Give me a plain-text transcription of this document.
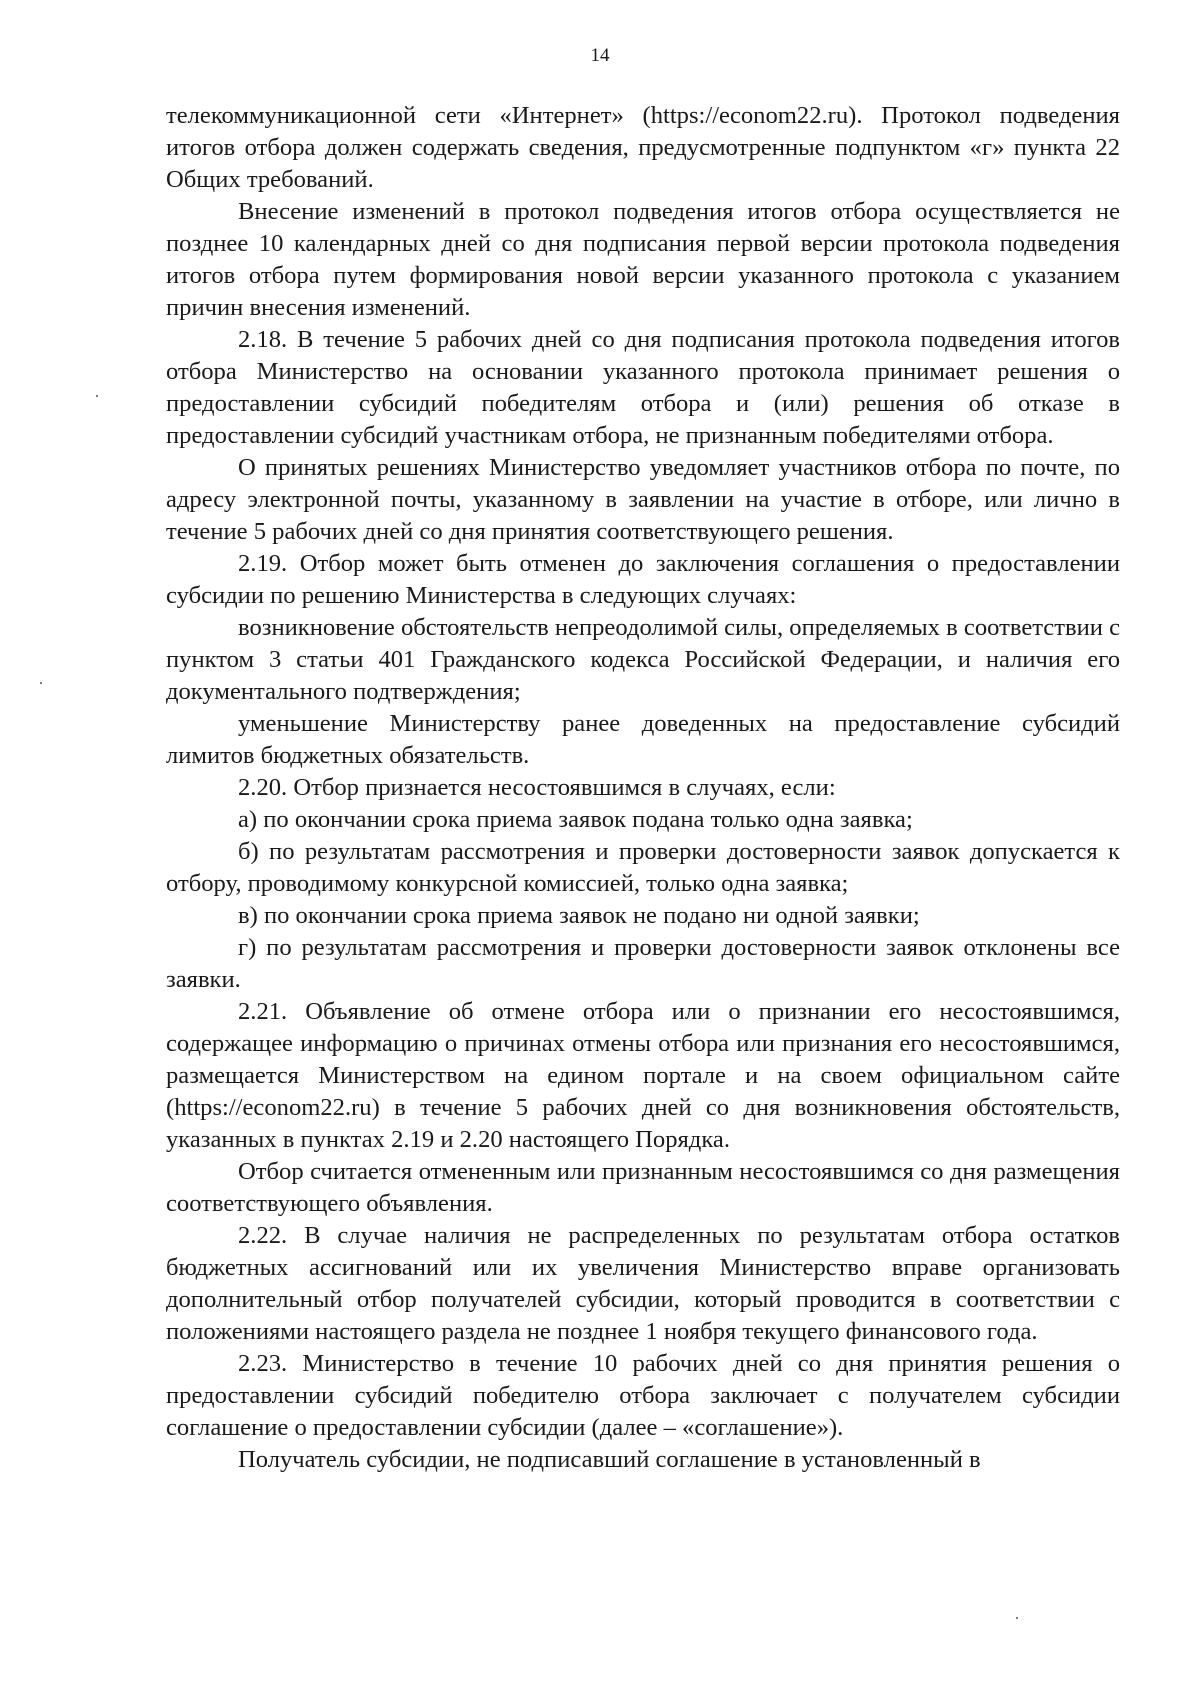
14

телекоммуникационной сети «Интернет» (https://econom22.ru). Протокол подведения итогов отбора должен содержать сведения, предусмотренные подпунктом «г» пункта 22 Общих требований.

Внесение изменений в протокол подведения итогов отбора осуществляется не позднее 10 календарных дней со дня подписания первой версии протокола подведения итогов отбора путем формирования новой версии указанного протокола с указанием причин внесения изменений.

2.18. В течение 5 рабочих дней со дня подписания протокола подведения итогов отбора Министерство на основании указанного протокола принимает решения о предоставлении субсидий победителям отбора и (или) решения об отказе в предоставлении субсидий участникам отбора, не признанным победителями отбора.

О принятых решениях Министерство уведомляет участников отбора по почте, по адресу электронной почты, указанному в заявлении на участие в отборе, или лично в течение 5 рабочих дней со дня принятия соответствующего решения.

2.19. Отбор может быть отменен до заключения соглашения о предоставлении субсидии по решению Министерства в следующих случаях:

возникновение обстоятельств непреодолимой силы, определяемых в соответствии с пунктом 3 статьи 401 Гражданского кодекса Российской Федерации, и наличия его документального подтверждения;

уменьшение Министерству ранее доведенных на предоставление субсидий лимитов бюджетных обязательств.

2.20. Отбор признается несостоявшимся в случаях, если:

а) по окончании срока приема заявок подана только одна заявка;

б) по результатам рассмотрения и проверки достоверности заявок допускается к отбору, проводимому конкурсной комиссией, только одна заявка;

в) по окончании срока приема заявок не подано ни одной заявки;

г) по результатам рассмотрения и проверки достоверности заявок отклонены все заявки.

2.21. Объявление об отмене отбора или о признании его несостоявшимся, содержащее информацию о причинах отмены отбора или признания его несостоявшимся, размещается Министерством на едином портале и на своем официальном сайте (https://econom22.ru) в течение 5 рабочих дней со дня возникновения обстоятельств, указанных в пунктах 2.19 и 2.20 настоящего Порядка.

Отбор считается отмененным или признанным несостоявшимся со дня размещения соответствующего объявления.

2.22. В случае наличия не распределенных по результатам отбора остатков бюджетных ассигнований или их увеличения Министерство вправе организовать дополнительный отбор получателей субсидии, который проводится в соответствии с положениями настоящего раздела не позднее 1 ноября текущего финансового года.

2.23. Министерство в течение 10 рабочих дней со дня принятия решения о предоставлении субсидий победителю отбора заключает с получателем субсидии соглашение о предоставлении субсидии (далее – «соглашение»).

Получатель субсидии, не подписавший соглашение в установленный в
